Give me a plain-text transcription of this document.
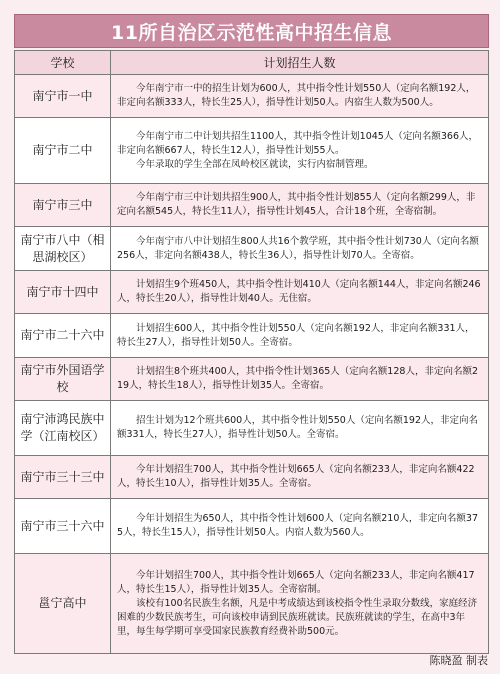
11所自治区示范性高中招生信息
学校	计划招生人数
南宁市一中	今年南宁市一中的招生计划为600人，其中指令性计划550人（定向名额192人，非定向名额333人，特长生25人），指导性计划50人。内宿生人数为500人。

南宁市二中	今年南宁市二中计划共招生1100人，其中指令性计划1045人（定向名额366人，非定向名额667人，特长生12人），指导性计划55人。

今年录取的学生全部在凤岭校区就读，实行内宿制管理。

南宁市三中	今年南宁市三中计划共招生900人，其中指令性计划855人（定向名额299人，非定向名额545人，特长生11人），指导性计划45人，合计18个班，全寄宿制。

南宁市八中（相思湖校区）	今年南宁市八中计划招生800人共16个教学班，其中指令性计划730人（定向名额256人，非定向名额438人，特长生36人），指导性计划70人。全寄宿。

南宁市十四中	计划招生9个班450人，其中指令性计划410人（定向名额144人，非定向名额246人，特长生20人），指导性计划40人。无住宿。

南宁市二十六中	计划招生600人，其中指令性计划550人（定向名额192人，非定向名额331人，特长生27人），指导性计划50人。全寄宿。

南宁市外国语学校	计划招生8个班共400人，其中指令性计划365人（定向名额128人，非定向名额219人，特长生18人），指导性计划35人。全寄宿。

南宁沛鸿民族中学（江南校区）	招生计划为12个班共600人，其中指令性计划550人（定向名额192人，非定向名额331人，特长生27人），指导性计划50人。全寄宿。

南宁市三十三中	今年计划招生700人，其中指令性计划665人（定向名额233人，非定向名额422人，特长生10人），指导性计划35人。全寄宿。

南宁市三十六中	今年计划招生为650人，其中指令性计划600人（定向名额210人，非定向名额375人，特长生15人），指导性计划50人。内宿人数为560人。

邕宁高中	今年计划招生700人，其中指令性计划665人（定向名额233人，非定向名额417人，特长生15人），指导性计划35人。全寄宿制。

该校有100名民族生名额，凡是中考成绩达到该校指令性生录取分数线，家庭经济困难的少数民族考生，可向该校申请到民族班就读。民族班就读的学生，在高中3年里，每生每学期可享受国家民族教育经费补助500元。

陈晓盈 制表
